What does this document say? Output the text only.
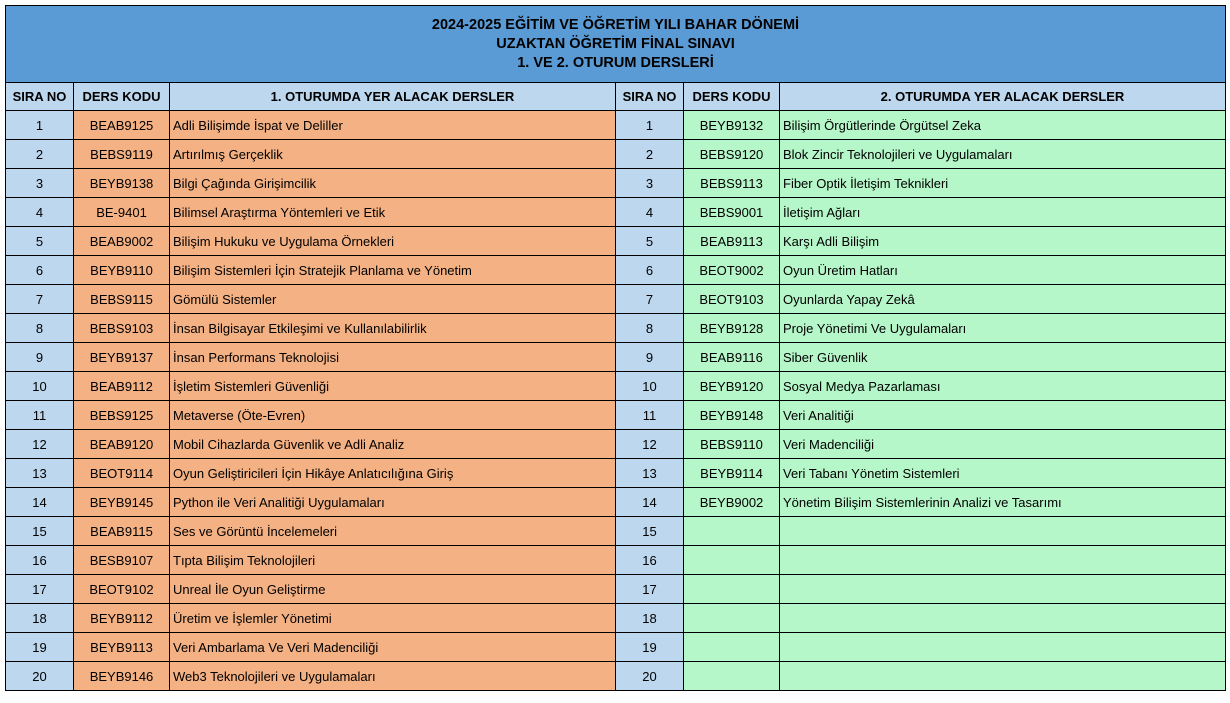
2024-2025 EĞİTİM VE ÖĞRETİM YILI BAHAR DÖNEMİ
UZAKTAN ÖĞRETİM FİNAL SINAVI
1. VE 2. OTURUM DERSLERİ					

SIRA NO	DERS KODU	1. OTURUMDA YER ALACAK DERSLER	SIRA NO	DERS KODU	2. OTURUMDA YER ALACAK DERSLER
1	BEAB9125	Adli Bilişimde İspat ve Deliller	1	BEYB9132	Bilişim Örgütlerinde Örgütsel Zeka
2	BEBS9119	Artırılmış Gerçeklik	2	BEBS9120	Blok Zincir Teknolojileri ve Uygulamaları
3	BEYB9138	Bilgi Çağında Girişimcilik	3	BEBS9113	Fiber Optik İletişim Teknikleri
4	BE-9401	Bilimsel Araştırma Yöntemleri ve Etik	4	BEBS9001	İletişim Ağları
5	BEAB9002	Bilişim Hukuku ve Uygulama Örnekleri	5	BEAB9113	Karşı Adli Bilişim
6	BEYB9110	Bilişim Sistemleri İçin Stratejik Planlama ve Yönetim	6	BEOT9002	Oyun Üretim Hatları
7	BEBS9115	Gömülü Sistemler	7	BEOT9103	Oyunlarda Yapay Zekâ
8	BEBS9103	İnsan Bilgisayar Etkileşimi ve Kullanılabilirlik	8	BEYB9128	Proje Yönetimi Ve Uygulamaları
9	BEYB9137	İnsan Performans Teknolojisi	9	BEAB9116	Siber Güvenlik
10	BEAB9112	İşletim Sistemleri Güvenliği	10	BEYB9120	Sosyal Medya Pazarlaması
11	BEBS9125	Metaverse (Öte-Evren)	11	BEYB9148	Veri Analitiği
12	BEAB9120	Mobil Cihazlarda Güvenlik ve Adli Analiz	12	BEBS9110	Veri Madenciliği
13	BEOT9114	Oyun Geliştiricileri İçin Hikâye Anlatıcılığına Giriş	13	BEYB9114	Veri Tabanı Yönetim Sistemleri
14	BEYB9145	Python ile Veri Analitiği Uygulamaları	14	BEYB9002	Yönetim Bilişim Sistemlerinin Analizi ve Tasarımı
15	BEAB9115	Ses ve Görüntü İncelemeleri	15		
16	BESB9107	Tıpta Bilişim Teknolojileri	16		
17	BEOT9102	Unreal İle Oyun Geliştirme	17		
18	BEYB9112	Üretim ve İşlemler Yönetimi	18		
19	BEYB9113	Veri Ambarlama Ve Veri Madenciliği	19		
20	BEYB9146	Web3 Teknolojileri ve Uygulamaları	20		
